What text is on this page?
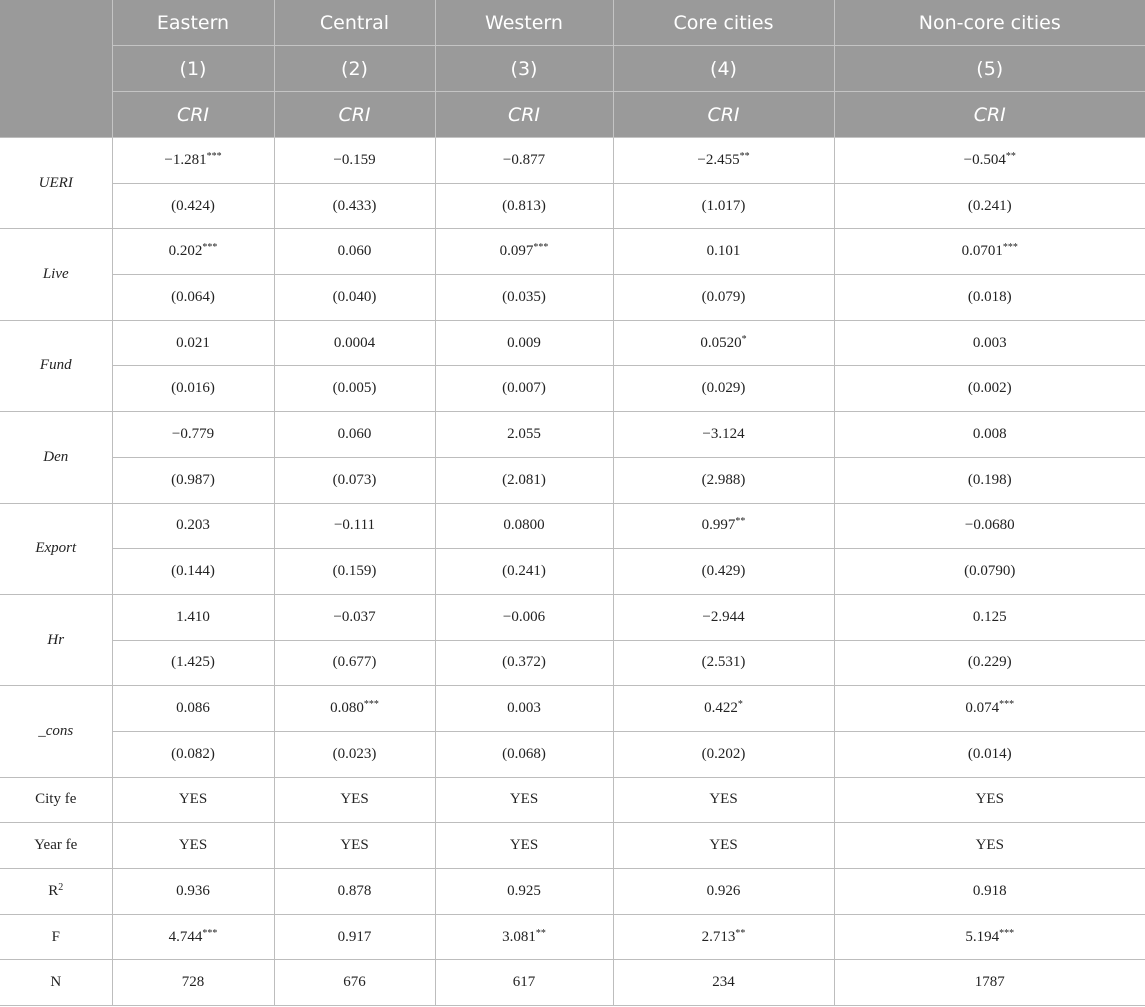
	Eastern	Central	Western	Core cities	Non-core cities
	(1)	(2)	(3)	(4)	(5)
	CRI	CRI	CRI	CRI	CRI
UERI	−1.281***	−0.159	−0.877	−2.455**	−0.504**
	(0.424)	(0.433)	(0.813)	(1.017)	(0.241)
Live	0.202***	0.060	0.097***	0.101	0.0701***
	(0.064)	(0.040)	(0.035)	(0.079)	(0.018)
Fund	0.021	0.0004	0.009	0.0520*	0.003
	(0.016)	(0.005)	(0.007)	(0.029)	(0.002)
Den	−0.779	0.060	2.055	−3.124	0.008
	(0.987)	(0.073)	(2.081)	(2.988)	(0.198)
Export	0.203	−0.111	0.0800	0.997**	−0.0680
	(0.144)	(0.159)	(0.241)	(0.429)	(0.0790)
Hr	1.410	−0.037	−0.006	−2.944	0.125
	(1.425)	(0.677)	(0.372)	(2.531)	(0.229)
_cons	0.086	0.080***	0.003	0.422*	0.074***
	(0.082)	(0.023)	(0.068)	(0.202)	(0.014)
City fe	YES	YES	YES	YES	YES
Year fe	YES	YES	YES	YES	YES
$R^2$	0.936	0.878	0.925	0.926	0.918
F	4.744***	0.917	3.081**	2.713**	5.194***
N	728	676	617	234	1787
